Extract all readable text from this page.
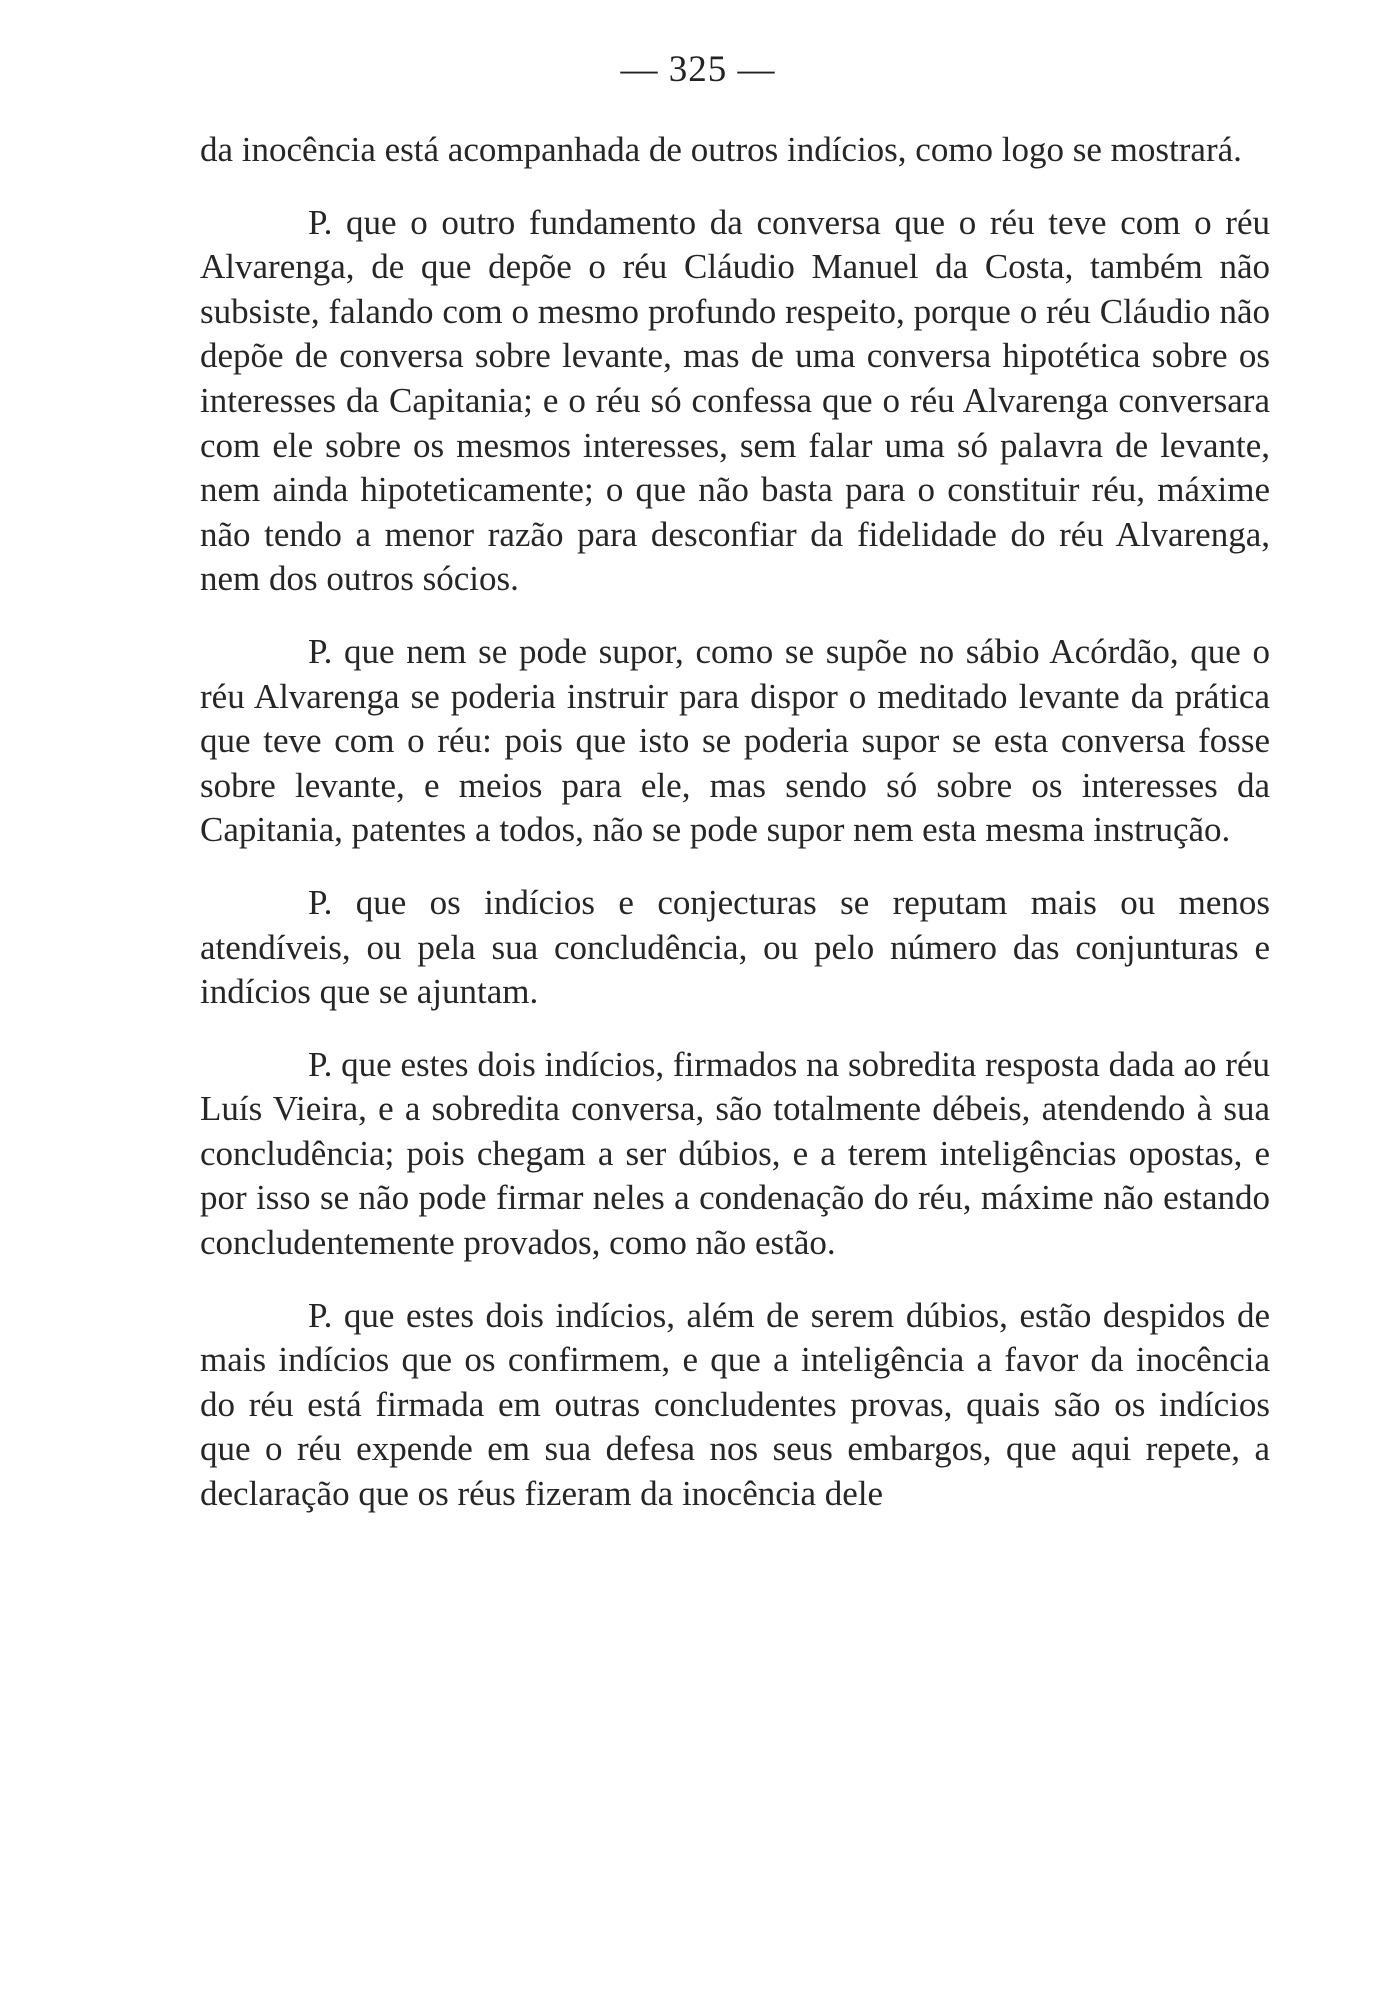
— 325 —

da inocência está acompanhada de outros indícios, como logo se mostrará.

P. que o outro fundamento da conversa que o réu teve com o réu Alvarenga, de que depõe o réu Cláudio Manuel da Costa, também não subsiste, falando com o mesmo profundo respeito, porque o réu Cláudio não depõe de conversa sobre levante, mas de uma conversa hipotética sobre os interesses da Capitania; e o réu só confessa que o réu Alvarenga conversara com ele sobre os mesmos interesses, sem falar uma só palavra de levante, nem ainda hipoteticamente; o que não basta para o constituir réu, máxime não tendo a menor razão para desconfiar da fidelidade do réu Alvarenga, nem dos outros sócios.

P. que nem se pode supor, como se supõe no sábio Acórdão, que o réu Alvarenga se poderia instruir para dispor o meditado levante da prática que teve com o réu: pois que isto se poderia supor se esta conversa fosse sobre levante, e meios para ele, mas sendo só sobre os interesses da Capitania, patentes a todos, não se pode supor nem esta mesma instrução.

P. que os indícios e conjecturas se reputam mais ou menos atendíveis, ou pela sua concludência, ou pelo número das conjunturas e indícios que se ajuntam.

P. que estes dois indícios, firmados na sobredita resposta dada ao réu Luís Vieira, e a sobredita conversa, são totalmente débeis, atendendo à sua concludência; pois chegam a ser dúbios, e a terem inteligências opostas, e por isso se não pode firmar neles a condenação do réu, máxime não estando concludentemente provados, como não estão.

P. que estes dois indícios, além de serem dúbios, estão despidos de mais indícios que os confirmem, e que a inteligência a favor da inocência do réu está firmada em outras concludentes provas, quais são os indícios que o réu expende em sua defesa nos seus embargos, que aqui repete, a declaração que os réus fizeram da inocência dele
